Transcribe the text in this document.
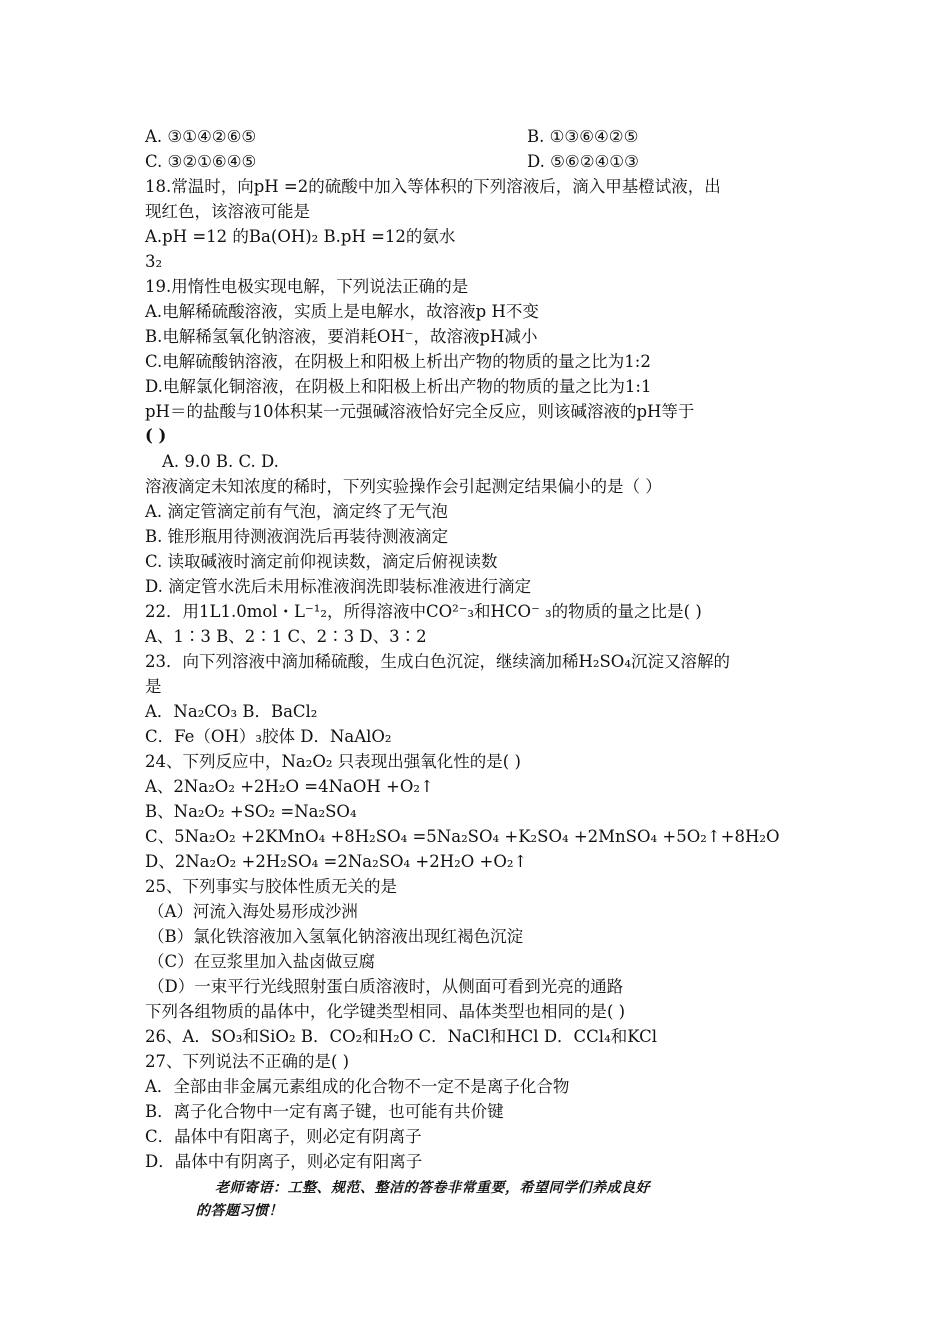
A. ③①④②⑥⑤	B. ①③⑥④②⑤
C. ③②①⑥④⑤	D. ⑤⑥②④①③
18.常温时，向pH =2的硫酸中加入等体积的下列溶液后，滴入甲基橙试液，出
现红色，该溶液可能是
A.pH =12 的Ba(OH)₂ B.pH =12的氨水
3₂
19.用惰性电极实现电解，下列说法正确的是
A.电解稀硫酸溶液，实质上是电解水，故溶液p H不变
B.电解稀氢氧化钠溶液，要消耗OH⁻，故溶液pH减小
C.电解硫酸钠溶液，在阴极上和阳极上析出产物的物质的量之比为1:2
D.电解氯化铜溶液，在阴极上和阳极上析出产物的物质的量之比为1:1
pH＝的盐酸与10体积某一元强碱溶液恰好完全反应，则该碱溶液的pH等于
( )
A. 9.0 B. C. D.
溶液滴定未知浓度的稀时，下列实验操作会引起测定结果偏小的是（ ）
A. 滴定管滴定前有气泡，滴定终了无气泡
B. 锥形瓶用待测液润洗后再装待测液滴定
C. 读取碱液时滴定前仰视读数，滴定后俯视读数
D. 滴定管水洗后未用标准液润洗即装标准液进行滴定
22．用1L1.0mol・L⁻¹₂，所得溶液中CO²⁻₃和HCO⁻ ₃的物质的量之比是( )
A、1∶3 B、2∶1 C、2∶3 D、3∶2
23．向下列溶液中滴加稀硫酸，生成白色沉淀，继续滴加稀H₂SO₄沉淀又溶解的
是
A．Na₂CO₃ B．BaCl₂
C．Fe（OH）₃胶体 D．NaAlO₂
24、下列反应中，Na₂O₂ 只表现出强氧化性的是( )
A、2Na₂O₂ +2H₂O =4NaOH +O₂↑
B、Na₂O₂ +SO₂ =Na₂SO₄
C、5Na₂O₂ +2KMnO₄ +8H₂SO₄ =5Na₂SO₄ +K₂SO₄ +2MnSO₄ +5O₂↑+8H₂O
D、2Na₂O₂ +2H₂SO₄ =2Na₂SO₄ +2H₂O +O₂↑
25、下列事实与胶体性质无关的是
（A）河流入海处易形成沙洲
（B）氯化铁溶液加入氢氧化钠溶液出现红褐色沉淀
（C）在豆浆里加入盐卤做豆腐
（D）一束平行光线照射蛋白质溶液时，从侧面可看到光亮的通路
下列各组物质的晶体中，化学键类型相同、晶体类型也相同的是( )
26、A．SO₃和SiO₂ B．CO₂和H₂O C．NaCl和HCl D．CCl₄和KCl
27、下列说法不正确的是( )
A．全部由非金属元素组成的化合物不一定不是离子化合物
B．离子化合物中一定有离子键，也可能有共价键
C．晶体中有阳离子，则必定有阴离子
D．晶体中有阴离子，则必定有阳离子
老师寄语：工整、规范、整洁的答卷非常重要，希望同学们养成良好
的答题习惯！
